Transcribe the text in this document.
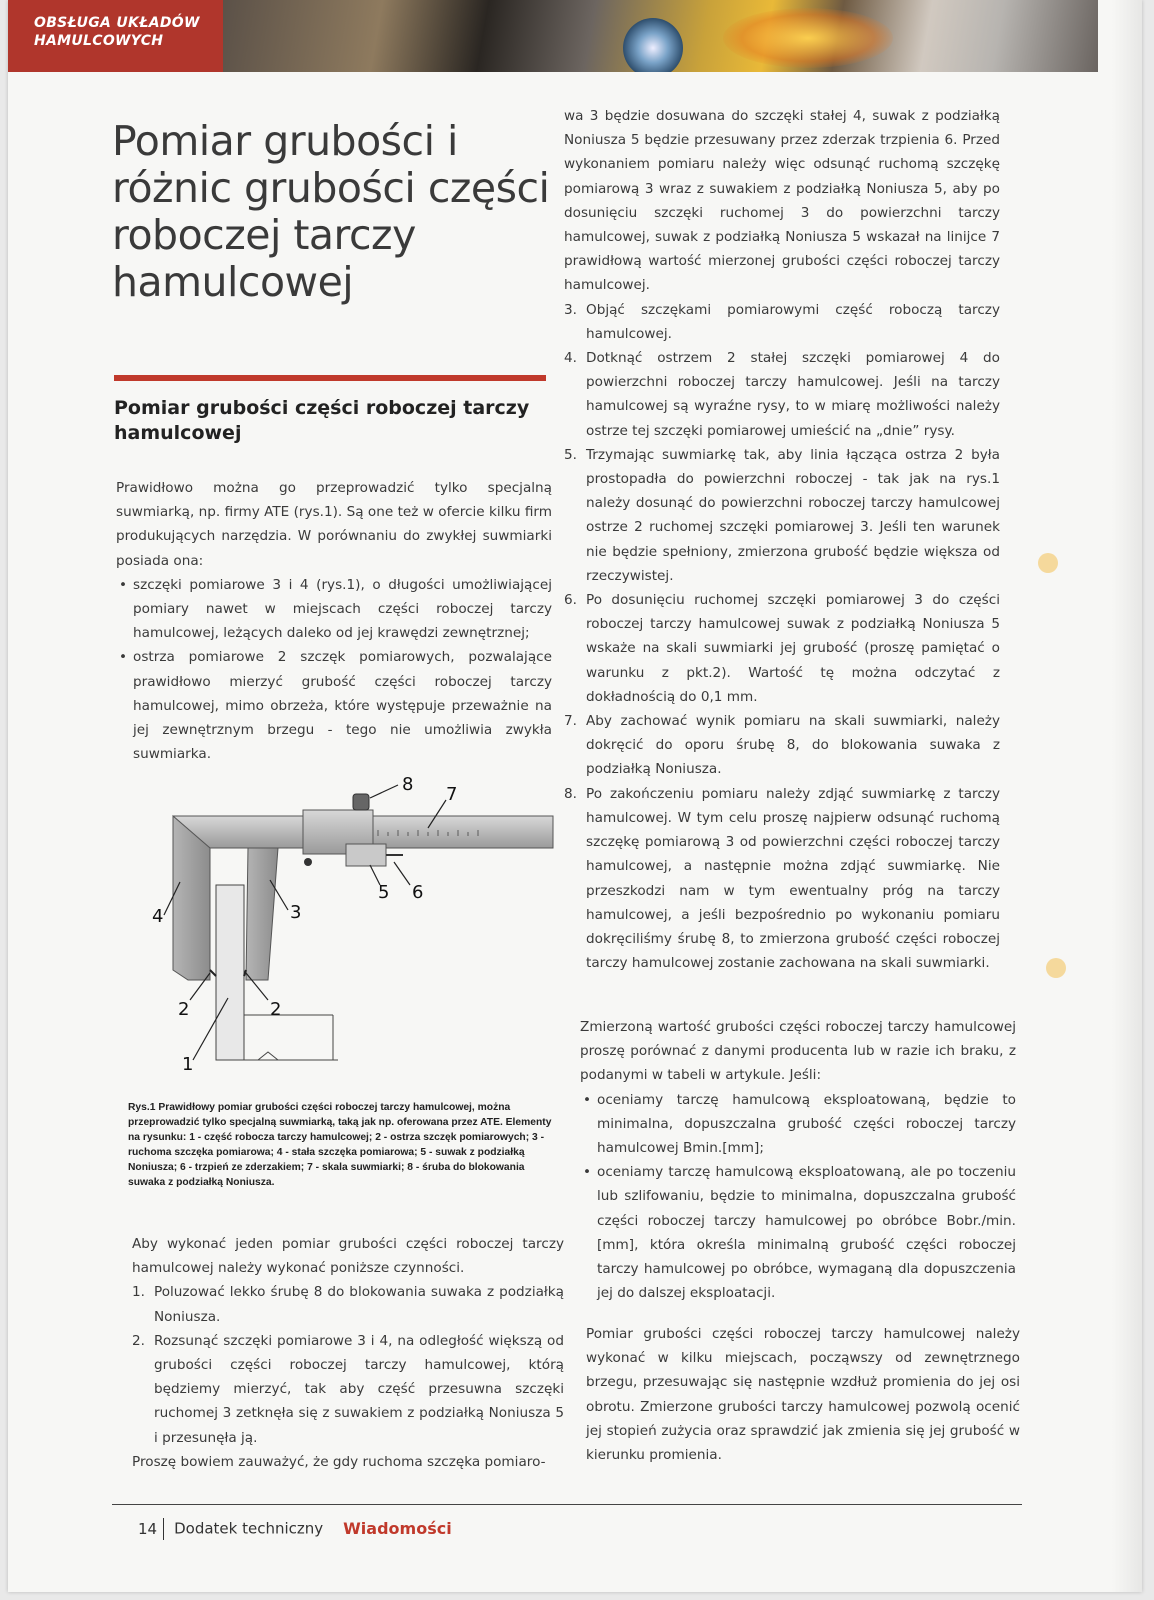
OBSŁUGA UKŁADÓW
HAMULCOWYCH
Pomiar grubości i różnic grubości części roboczej tarczy hamulcowej
Pomiar grubości części roboczej tarczy hamulcowej

Prawidłowo można go przeprowadzić tylko specjalną suwmiarką, np. firmy ATE (rys.1). Są one też w ofercie kilku firm produkujących narzędzia. W porównaniu do zwykłej suwmiarki posiada ona:

• szczęki pomiarowe 3 i 4 (rys.1), o długości umożliwiającej pomiary nawet w miejscach części roboczej tarczy hamulcowej, leżących daleko od jej krawędzi zewnętrznej;
• ostrza pomiarowe 2 szczęk pomiarowych, pozwalające prawidłowo mierzyć grubość części roboczej tarczy hamulcowej, mimo obrzeża, które występuje przeważnie na jej zewnętrznym brzegu - tego nie umożliwia zwykła suwmiarka.
8 7
4	3
5 6
2	2
1
Rys.1 Prawidłowy pomiar grubości części roboczej tarczy hamulcowej, można przeprowadzić tylko specjalną suwmiarką, taką jak np. oferowana przez ATE. Elementy na rysunku: 1 - część robocza tarczy hamulcowej; 2 - ostrza szczęk pomiarowych; 3 - ruchoma szczęka pomiarowa; 4 - stała szczęka pomiarowa; 5 - suwak z podziałką Noniusza; 6 - trzpień ze zderzakiem; 7 - skala suwmiarki; 8 - śruba do blokowania suwaka z podziałką Noniusza.

Aby wykonać jeden pomiar grubości części roboczej tarczy hamulcowej należy wykonać poniższe czynności.

1. Poluzować lekko śrubę 8 do blokowania suwaka z podziałką Noniusza.
2. Rozsunąć szczęki pomiarowe 3 i 4, na odległość większą od grubości części roboczej tarczy hamulcowej, którą będziemy mierzyć, tak aby część przesuwna szczęki ruchomej 3 zetknęła się z suwakiem z podziałką Noniusza 5 i przesunęła ją.

Proszę bowiem zauważyć, że gdy ruchoma szczęka pomiaro-

wa 3 będzie dosuwana do szczęki stałej 4, suwak z podziałką Noniusza 5 będzie przesuwany przez zderzak trzpienia 6. Przed wykonaniem pomiaru należy więc odsunąć ruchomą szczękę pomiarową 3 wraz z suwakiem z podziałką Noniusza 5, aby po dosunięciu szczęki ruchomej 3 do powierzchni tarczy hamulcowej, suwak z podziałką Noniusza 5 wskazał na linijce 7 prawidłową wartość mierzonej grubości części roboczej tarczy hamulcowej.

3. Objąć szczękami pomiarowymi część roboczą tarczy hamulcowej.
4. Dotknąć ostrzem 2 stałej szczęki pomiarowej 4 do powierzchni roboczej tarczy hamulcowej. Jeśli na tarczy hamulcowej są wyraźne rysy, to w miarę możliwości należy ostrze tej szczęki pomiarowej umieścić na „dnie” rysy.
5. Trzymając suwmiarkę tak, aby linia łącząca ostrza 2 była prostopadła do powierzchni roboczej - tak jak na rys.1 należy dosunąć do powierzchni roboczej tarczy hamulcowej ostrze 2 ruchomej szczęki pomiarowej 3. Jeśli ten warunek nie będzie spełniony, zmierzona grubość będzie większa od rzeczywistej.
6. Po dosunięciu ruchomej szczęki pomiarowej 3 do części roboczej tarczy hamulcowej suwak z podziałką Noniusza 5 wskaże na skali suwmiarki jej grubość (proszę pamiętać o warunku z pkt.2). Wartość tę można odczytać z dokładnością do 0,1 mm.
7. Aby zachować wynik pomiaru na skali suwmiarki, należy dokręcić do oporu śrubę 8, do blokowania suwaka z podziałką Noniusza.
8. Po zakończeniu pomiaru należy zdjąć suwmiarkę z tarczy hamulcowej. W tym celu proszę najpierw odsunąć ruchomą szczękę pomiarową 3 od powierzchni części roboczej tarczy hamulcowej, a następnie można zdjąć suwmiarkę. Nie przeszkodzi nam w tym ewentualny próg na tarczy hamulcowej, a jeśli bezpośrednio po wykonaniu pomiaru dokręciliśmy śrubę 8, to zmierzona grubość części roboczej tarczy hamulcowej zostanie zachowana na skali suwmiarki.

Zmierzoną wartość grubości części roboczej tarczy hamulcowej proszę porównać z danymi producenta lub w razie ich braku, z podanymi w tabeli w artykule. Jeśli:

• oceniamy tarczę hamulcową eksploatowaną, będzie to minimalna, dopuszczalna grubość części roboczej tarczy hamulcowej Bmin.[mm];
• oceniamy tarczę hamulcową eksploatowaną, ale po toczeniu lub szlifowaniu, będzie to minimalna, dopuszczalna grubość części roboczej tarczy hamulcowej po obróbce Bobr./min. [mm], która określa minimalną grubość części roboczej tarczy hamulcowej po obróbce, wymaganą dla dopuszczenia jej do dalszej eksploatacji.

Pomiar grubości części roboczej tarczy hamulcowej należy wykonać w kilku miejscach, począwszy od zewnętrznego brzegu, przesuwając się następnie wzdłuż promienia do jej osi obrotu. Zmierzone grubości tarczy hamulcowej pozwolą ocenić jej stopień zużycia oraz sprawdzić jak zmienia się jej grubość w kierunku promienia.

14 Dodatek techniczny Wiadomości
